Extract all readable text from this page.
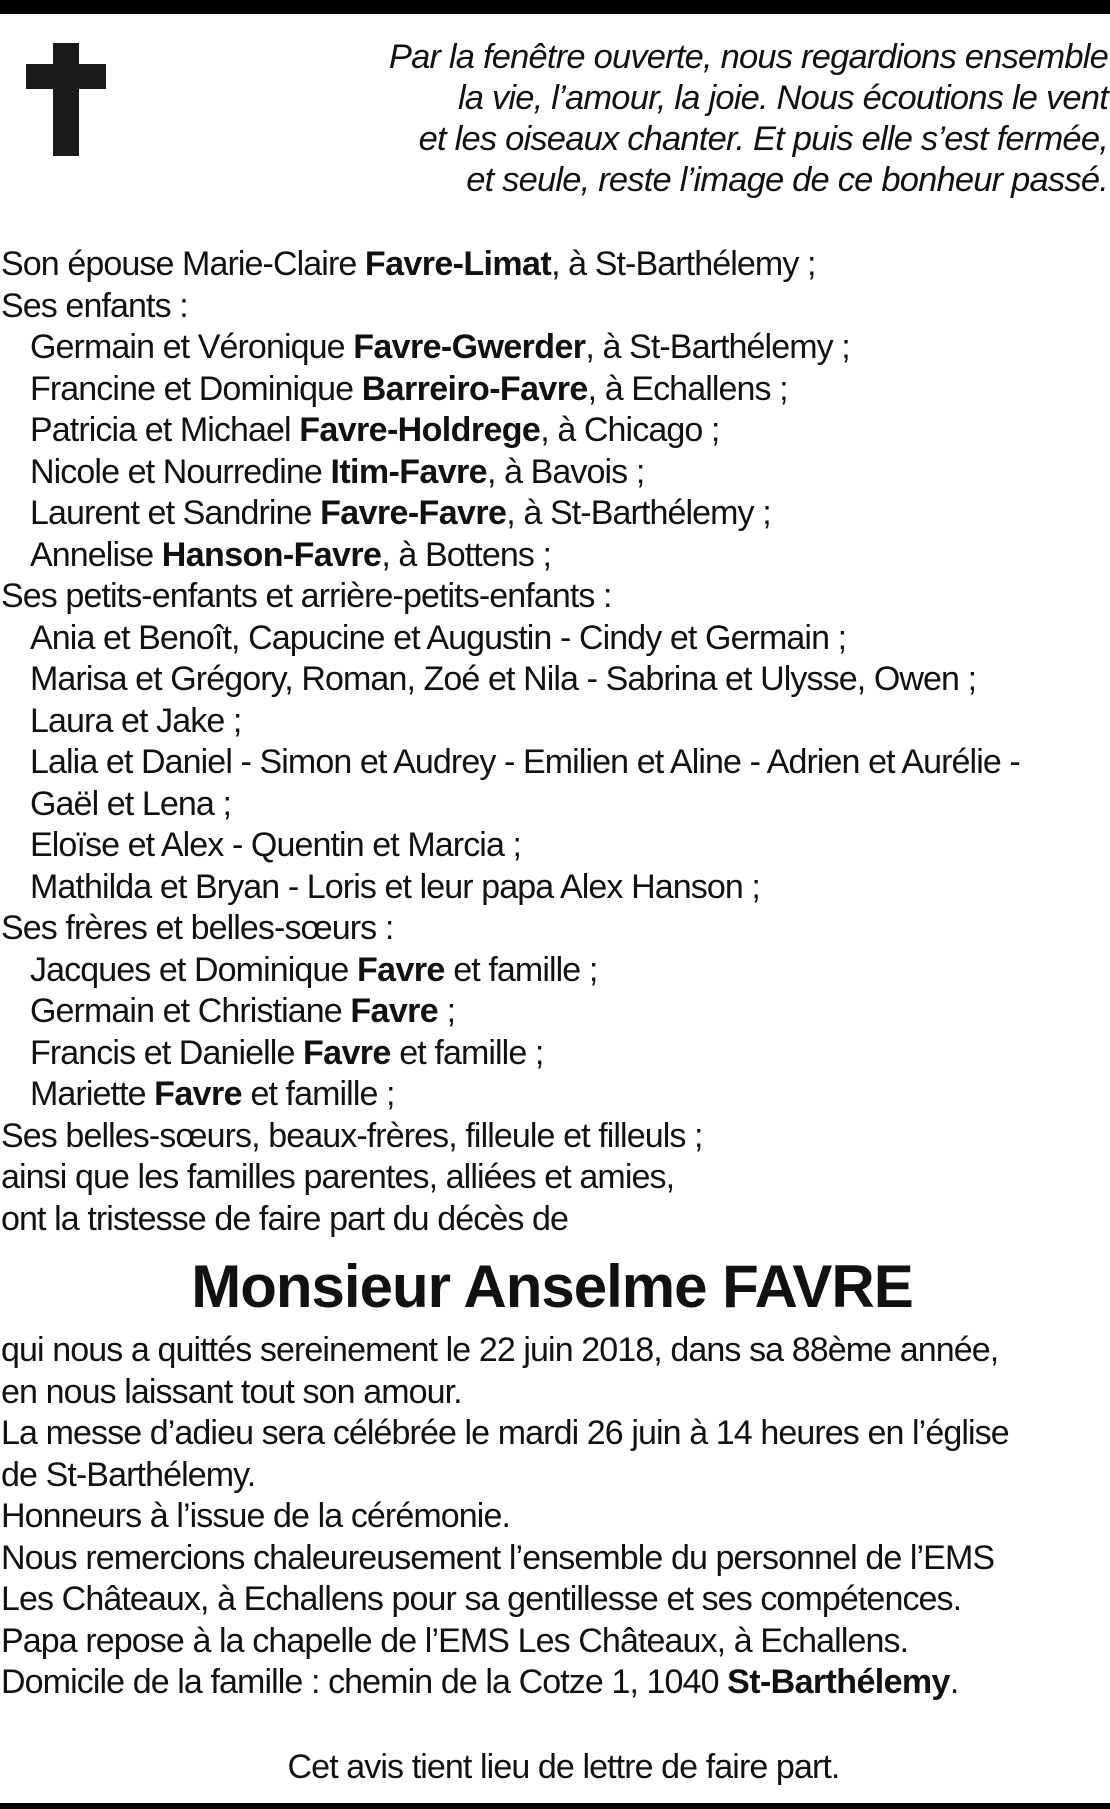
Par la fenêtre ouverte, nous regardions ensemble
la vie, l’amour, la joie. Nous écoutions le vent
et les oiseaux chanter. Et puis elle s’est fermée,
et seule, reste l’image de ce bonheur passé.
Son épouse Marie-Claire Favre-Limat, à St-Barthélemy ;
Ses enfants :
Germain et Véronique Favre-Gwerder, à St-Barthélemy ;
Francine et Dominique Barreiro-Favre, à Echallens ;
Patricia et Michael Favre-Holdrege, à Chicago ;
Nicole et Nourredine Itim-Favre, à Bavois ;
Laurent et Sandrine Favre-Favre, à St-Barthélemy ;
Annelise Hanson-Favre, à Bottens ;
Ses petits-enfants et arrière-petits-enfants :
Ania et Benoît, Capucine et Augustin - Cindy et Germain ;
Marisa et Grégory, Roman, Zoé et Nila - Sabrina et Ulysse, Owen ;
Laura et Jake ;
Lalia et Daniel - Simon et Audrey - Emilien et Aline - Adrien et Aurélie -
Gaël et Lena ;
Eloïse et Alex - Quentin et Marcia ;
Mathilda et Bryan - Loris et leur papa Alex Hanson ;
Ses frères et belles-sœurs :
Jacques et Dominique Favre et famille ;
Germain et Christiane Favre ;
Francis et Danielle Favre et famille ;
Mariette Favre et famille ;
Ses belles-sœurs, beaux-frères, filleule et filleuls ;
ainsi que les familles parentes, alliées et amies,
ont la tristesse de faire part du décès de
Monsieur Anselme FAVRE
qui nous a quittés sereinement le 22 juin 2018, dans sa 88ème année,
en nous laissant tout son amour.
La messe d’adieu sera célébrée le mardi 26 juin à 14 heures en l’église
de St-Barthélemy.
Honneurs à l’issue de la cérémonie.
Nous remercions chaleureusement l’ensemble du personnel de l’EMS
Les Châteaux, à Echallens pour sa gentillesse et ses compétences.
Papa repose à la chapelle de l’EMS Les Châteaux, à Echallens.
Domicile de la famille : chemin de la Cotze 1, 1040 St-Barthélemy.
Cet avis tient lieu de lettre de faire part.
